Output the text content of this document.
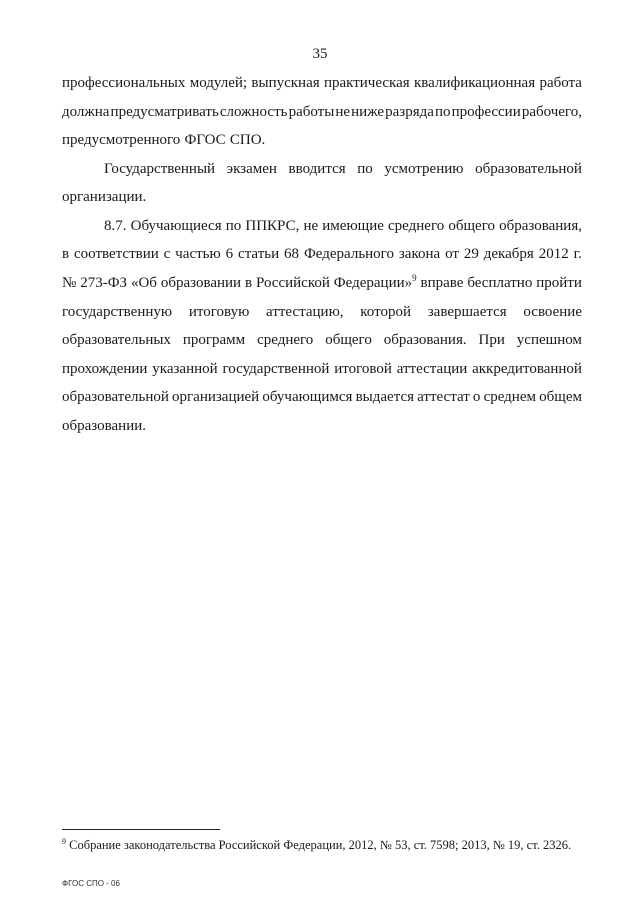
35
профессиональных модулей; выпускная практическая квалификационная работа
должна предусматривать сложность работы не ниже разряда по профессии рабочего,
предусмотренного ФГОС СПО.
Государственный экзамен вводится по усмотрению образовательной
организации.
8.7. Обучающиеся по ППКРС, не имеющие среднего общего образования,
в соответствии с частью 6 статьи 68 Федерального закона от 29 декабря 2012 г.
№ 273-ФЗ «Об образовании в Российской Федерации»$^9$ вправе бесплатно пройти
государственную итоговую аттестацию, которой завершается освоение
образовательных программ среднего общего образования. При успешном
прохождении указанной государственной итоговой аттестации аккредитованной
образовательной организацией обучающимся выдается аттестат о среднем общем
образовании.
$^9$ Собрание законодательства Российской Федерации, 2012, № 53, ст. 7598; 2013, № 19, ст. 2326.
ФГОС СПО - 06
